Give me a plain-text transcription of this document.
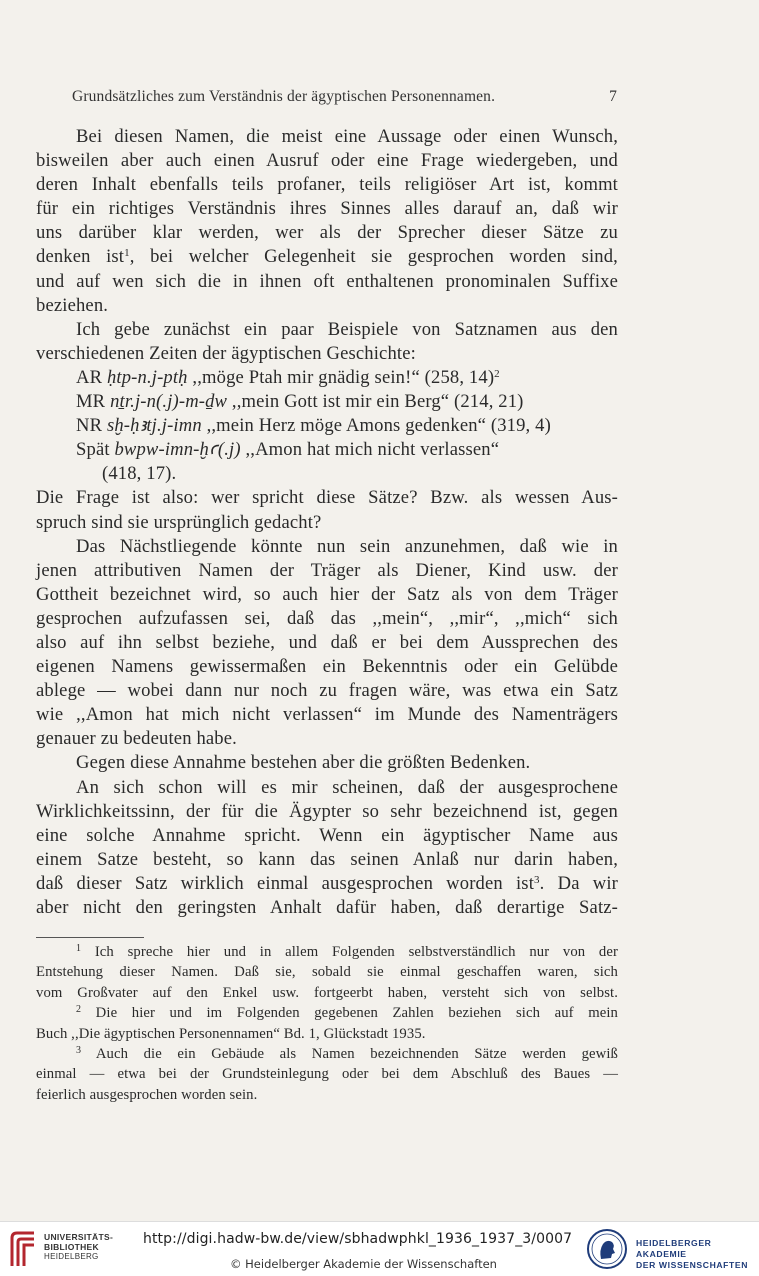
Grundsätzliches zum Verständnis der ägyptischen Personennamen.	7
Bei diesen Namen, die meist eine Aussage oder einen Wunsch,
bisweilen aber auch einen Ausruf oder eine Frage wiedergeben, und
deren Inhalt ebenfalls teils profaner, teils religiöser Art ist, kommt
für ein richtiges Verständnis ihres Sinnes alles darauf an, daß wir
uns darüber klar werden, wer als der Sprecher dieser Sätze zu
denken ist$^1$, bei welcher Gelegenheit sie gesprochen worden sind,
und auf wen sich die in ihnen oft enthaltenen pronominalen Suffixe
beziehen.
Ich gebe zunächst ein paar Beispiele von Satznamen aus den
verschiedenen Zeiten der ägyptischen Geschichte:
AR ḥtp-n.j-ptḥ ,,möge Ptah mir gnädig sein!“ (258, 14)$^2$
MR nṯr.j-n(.j)-m-ḏw ,,mein Gott ist mir ein Berg“ (214, 21)
NR sḫ-ḥꜣtj.j-imn ,,mein Herz möge Amons gedenken“ (319, 4)
Spät bwpw-imn-ḫꜥ(.j) ,,Amon hat mich nicht verlassen“
(418, 17).
Die Frage ist also: wer spricht diese Sätze? Bzw. als wessen Aus-
spruch sind sie ursprünglich gedacht?
Das Nächstliegende könnte nun sein anzunehmen, daß wie in
jenen attributiven Namen der Träger als Diener, Kind usw. der
Gottheit bezeichnet wird, so auch hier der Satz als von dem Träger
gesprochen aufzufassen sei, daß das ,,mein“, ,,mir“, ,,mich“ sich
also auf ihn selbst beziehe, und daß er bei dem Aussprechen des
eigenen Namens gewissermaßen ein Bekenntnis oder ein Gelübde
ablege — wobei dann nur noch zu fragen wäre, was etwa ein Satz
wie ,,Amon hat mich nicht verlassen“ im Munde des Namenträgers
genauer zu bedeuten habe.
Gegen diese Annahme bestehen aber die größten Bedenken.
An sich schon will es mir scheinen, daß der ausgesprochene
Wirklichkeitssinn, der für die Ägypter so sehr bezeichnend ist, gegen
eine solche Annahme spricht. Wenn ein ägyptischer Name aus
einem Satze besteht, so kann das seinen Anlaß nur darin haben,
daß dieser Satz wirklich einmal ausgesprochen worden ist$^3$. Da wir
aber nicht den geringsten Anhalt dafür haben, daß derartige Satz-
$^1$ Ich spreche hier und in allem Folgenden selbstverständlich nur von der
Entstehung dieser Namen. Daß sie, sobald sie einmal geschaffen waren, sich
vom Großvater auf den Enkel usw. fortgeerbt haben, versteht sich von selbst.
$^2$ Die hier und im Folgenden gegebenen Zahlen beziehen sich auf mein
Buch ,,Die ägyptischen Personennamen“ Bd. 1, Glückstadt 1935.
$^3$ Auch die ein Gebäude als Namen bezeichnenden Sätze werden gewiß
einmal — etwa bei der Grundsteinlegung oder bei dem Abschluß des Baues —
feierlich ausgesprochen worden sein.
UNIVERSITÄTS-
BIBLIOTHEK
HEIDELBERG
http://digi.hadw-bw.de/view/sbhadwphkl_1936_1937_3/0007
© Heidelberger Akademie der Wissenschaften
HEIDELBERGER AKADEMIE
DER WISSENSCHAFTEN
